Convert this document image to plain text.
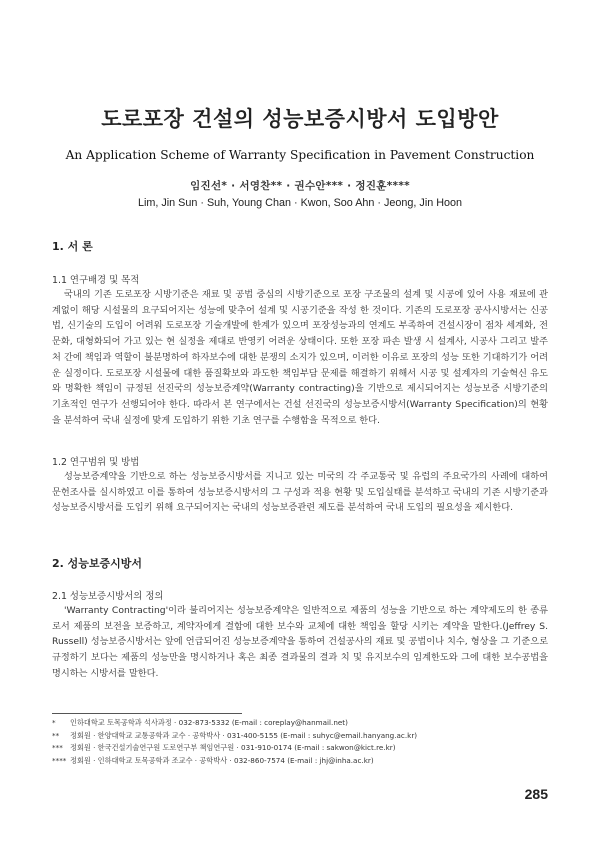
도로포장 건설의 성능보증시방서 도입방안
An Application Scheme of Warranty Specification in Pavement Construction
임진선* · 서영찬** · 권수안*** · 정진훈****
Lim, Jin Sun · Suh, Young Chan · Kwon, Soo Ahn · Jeong, Jin Hoon
1. 서 론
1.1 연구배경 및 목적

국내의 기존 도로포장 시방기준은 재료 및 공법 중심의 시방기준으로 포장 구조물의 설계 및 시공에 있어 사용 재료에 관계없이 해당 시설물의 요구되어지는 성능에 맞추어 설계 및 시공기준을 작성 한 것이다. 기존의 도로포장 공사시방서는 신공법, 신기술의 도입이 어려워 도로포장 기술개발에 한계가 있으며 포장성능과의 연계도 부족하여 건설시장이 점차 세계화, 전문화, 대형화되어 가고 있는 현 실정을 제대로 반영키 어려운 상태이다. 또한 포장 파손 발생 시 설계사, 시공사 그리고 발주처 간에 책임과 역할이 불분명하여 하자보수에 대한 분쟁의 소지가 있으며, 이러한 이유로 포장의 성능 또한 기대하기가 어려운 실정이다. 도로포장 시설물에 대한 품질확보와 과도한 책임부담 문제를 해결하기 위해서 시공 및 설계자의 기술혁신 유도와 명확한 책임이 규정된 선진국의 성능보증계약(Warranty contracting)을 기반으로 제시되어지는 성능보증 시방기준의 기초적인 연구가 선행되어야 한다. 따라서 본 연구에서는 건설 선진국의 성능보증시방서(Warranty Specification)의 현황을 분석하여 국내 실정에 맞게 도입하기 위한 기초 연구를 수행함을 목적으로 한다.

1.2 연구범위 및 방법

성능보증계약을 기반으로 하는 성능보증시방서를 지니고 있는 미국의 각 주교통국 및 유럽의 주요국가의 사례에 대하여 문헌조사를 실시하였고 이를 통하여 성능보증시방서의 그 구성과 적용 현황 및 도입실태를 분석하고 국내의 기존 시방기준과 성능보증시방서를 도입키 위해 요구되어지는 국내의 성능보증관련 제도를 분석하여 국내 도입의 필요성을 제시한다.

2. 성능보증시방서
2.1 성능보증시방서의 정의

'Warranty Contracting'이라 불리어지는 성능보증계약은 일반적으로 제품의 성능을 기반으로 하는 계약제도의 한 종류로서 제품의 보전을 보증하고, 계약자에게 결함에 대한 보수와 교체에 대한 책임을 할당 시키는 계약을 말한다.(Jeffrey S. Russell) 성능보증시방서는 앞에 언급되어진 성능보증계약을 통하여 건설공사의 재료 및 공법이나 치수, 형상을 그 기준으로 규정하기 보다는 제품의 성능만을 명시하거나 혹은 최종 결과물의 결과 치 및 유지보수의 임계한도와 그에 대한 보수공법을 명시하는 시방서를 말한다.

* 인하대학교 토목공학과 석사과정 · 032-873-5332 (E-mail : coreplay@hanmail.net)
** 정회원 · 한양대학교 교통공학과 교수 · 공학박사 · 031-400-5155 (E-mail : suhyc@email.hanyang.ac.kr)
*** 정회원 · 한국건설기술연구원 도로연구부 책임연구원 · 031-910-0174 (E-mail : sakwon@kict.re.kr)
**** 정회원 · 인하대학교 토목공학과 조교수 · 공학박사 · 032-860-7574 (E-mail : jhj@inha.ac.kr)
285
